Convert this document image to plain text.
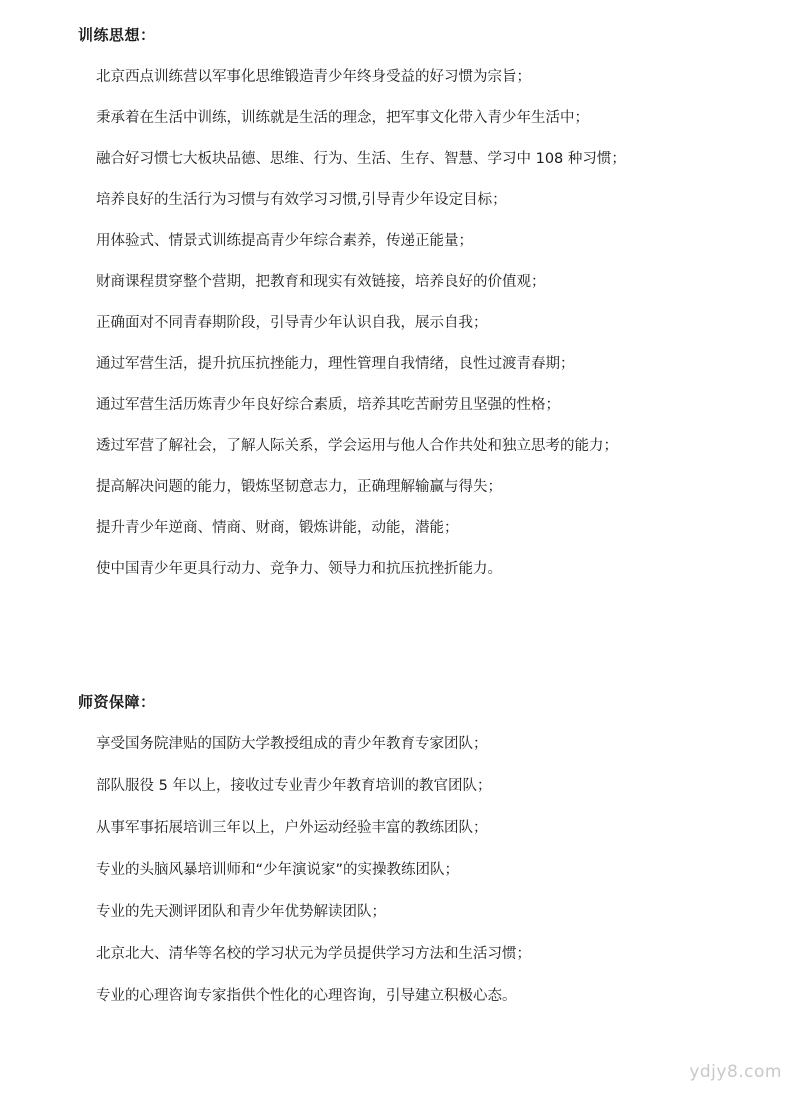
训练思想：
北京西点训练营以军事化思维锻造青少年终身受益的好习惯为宗旨；
秉承着在生活中训练，训练就是生活的理念，把军事文化带入青少年生活中；
融合好习惯七大板块品德、思维、行为、生活、生存、智慧、学习中 108 种习惯；
培养良好的生活行为习惯与有效学习习惯,引导青少年设定目标；
用体验式、情景式训练提高青少年综合素养，传递正能量；
财商课程贯穿整个营期，把教育和现实有效链接，培养良好的价值观；
正确面对不同青春期阶段，引导青少年认识自我，展示自我；
通过军营生活，提升抗压抗挫能力，理性管理自我情绪，良性过渡青春期；
通过军营生活历炼青少年良好综合素质，培养其吃苦耐劳且坚强的性格；
透过军营了解社会，了解人际关系，学会运用与他人合作共处和独立思考的能力；
提高解决问题的能力，锻炼坚韧意志力，正确理解输赢与得失；
提升青少年逆商、情商、财商，锻炼讲能，动能，潜能；
使中国青少年更具行动力、竞争力、领导力和抗压抗挫折能力。
师资保障：
享受国务院津贴的国防大学教授组成的青少年教育专家团队；
部队服役 5 年以上，接收过专业青少年教育培训的教官团队；
从事军事拓展培训三年以上，户外运动经验丰富的教练团队；
专业的头脑风暴培训师和“少年演说家”的实操教练团队；
专业的先天测评团队和青少年优势解读团队；
北京北大、清华等名校的学习状元为学员提供学习方法和生活习惯；
专业的心理咨询专家指供个性化的心理咨询，引导建立积极心态。
ydjy8.com
